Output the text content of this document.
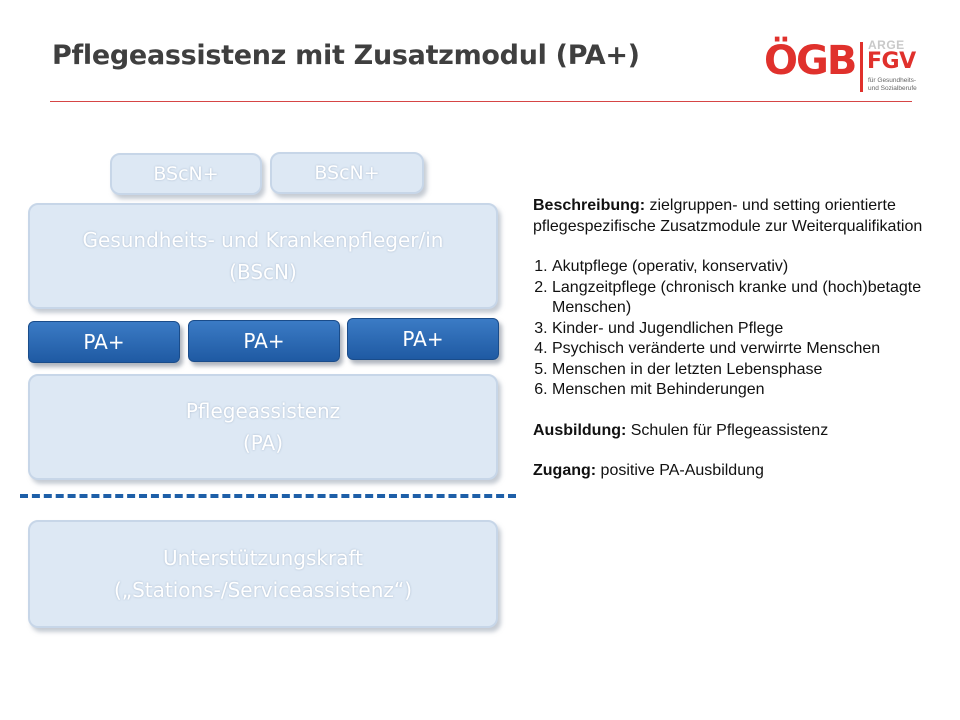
Pflegeassistenz mit Zusatzmodul (PA+)	ÖGB ARGE
FGV
für Gesundheits- und Sozialberufe
BScN+	BScN+
Gesundheits- und Krankenpfleger/in
(BScN)
PA+	PA+	PA+
Pflegeassistenz
(PA)
Unterstützungskraft
(„Stations-/Serviceassistenz“)

Beschreibung: zielgruppen- und setting orientierte pflegespezifische Zusatzmodule zur Weiterqualifikation

1. Akutpflege (operativ, konservativ)
2. Langzeitpflege (chronisch kranke und (hoch)betagte Menschen)
3. Kinder- und Jugendlichen Pflege
4. Psychisch veränderte und verwirrte Menschen
5. Menschen in der letzten Lebensphase
6. Menschen mit Behinderungen

Ausbildung: Schulen für Pflegeassistenz

Zugang: positive PA-Ausbildung
